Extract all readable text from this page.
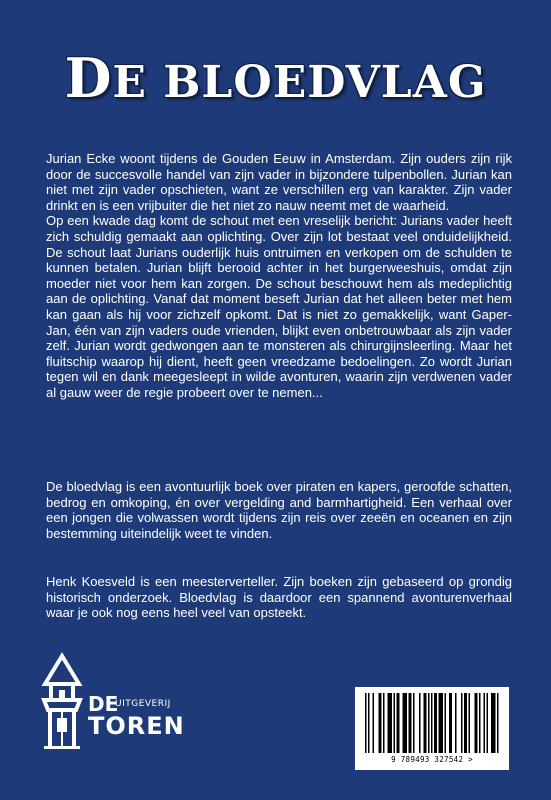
DE BLOEDVLAG

Jurian Ecke woont tijdens de Gouden Eeuw in Amsterdam. Zijn ouders zijn rijk door de succesvolle handel van zijn vader in bijzondere tulpenbollen. Jurian kan niet met zijn vader opschieten, want ze verschillen erg van karakter. Zijn vader drinkt en is een vrijbuiter die het niet zo nauw neemt met de waarheid.

Op een kwade dag komt de schout met een vreselijk bericht: Jurians vader heeft zich schuldig gemaakt aan oplichting. Over zijn lot bestaat veel onduidelijkheid. De schout laat Jurians ouderlijk huis ontruimen en verkopen om de schulden te kunnen betalen. Jurian blijft berooid achter in het burgerweeshuis, omdat zijn moeder niet voor hem kan zorgen. De schout beschouwt hem als medeplichtig aan de oplichting. Vanaf dat moment beseft Jurian dat het alleen beter met hem kan gaan als hij voor zichzelf opkomt. Dat is niet zo gemakkelijk, want Gaper-Jan, één van zijn vaders oude vrienden, blijkt even onbetrouwbaar als zijn vader zelf. Jurian wordt gedwongen aan te monsteren als chirurgijnsleerling. Maar het fluitschip waarop hij dient, heeft geen vreedzame bedoelingen. Zo wordt Jurian tegen wil en dank meegesleept in wilde avonturen, waarin zijn verdwenen vader al gauw weer de regie probeert over te nemen...

De bloedvlag is een avontuurlijk boek over piraten en kapers, geroofde schatten, bedrog en omkoping, én over vergelding and barmhartigheid. Een verhaal over een jongen die volwassen wordt tijdens zijn reis over zeeën en oceanen en zijn bestemming uiteindelijk weet te vinden.

Henk Koesveld is een meesterverteller. Zijn boeken zijn gebaseerd op grondig historisch onderzoek. Bloedvlag is daardoor een spannend avonturenverhaal waar je ook nog eens heel veel van opsteekt.

DE
UITGEVERIJ
TOREN
9 789493 327542 >
